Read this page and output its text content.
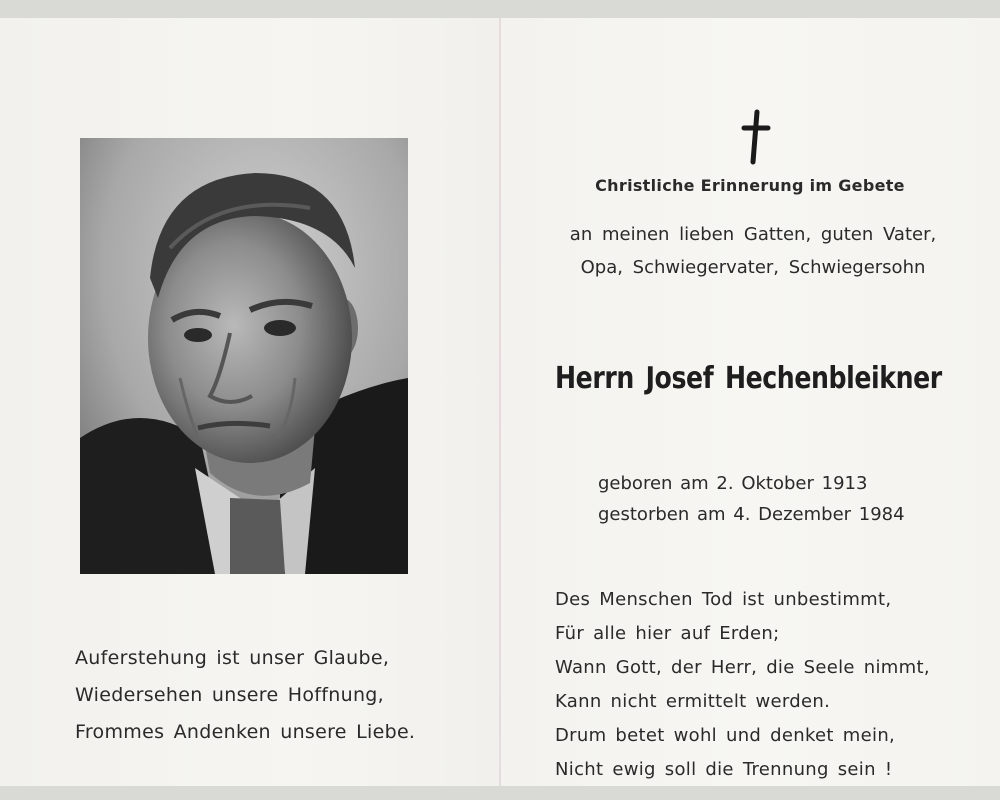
Auferstehung ist unser Glaube,
Wiedersehen unsere Hoffnung,
Frommes Andenken unsere Liebe.
Christliche Erinnerung im Gebete
an meinen lieben Gatten, guten Vater,
Opa, Schwiegervater, Schwiegersohn
Herrn Josef Hechenbleikner
geboren am 2. Oktober 1913
gestorben am 4. Dezember 1984
Des Menschen Tod ist unbestimmt,
Für alle hier auf Erden;
Wann Gott, der Herr, die Seele nimmt,
Kann nicht ermittelt werden.
Drum betet wohl und denket mein,
Nicht ewig soll die Trennung sein !
